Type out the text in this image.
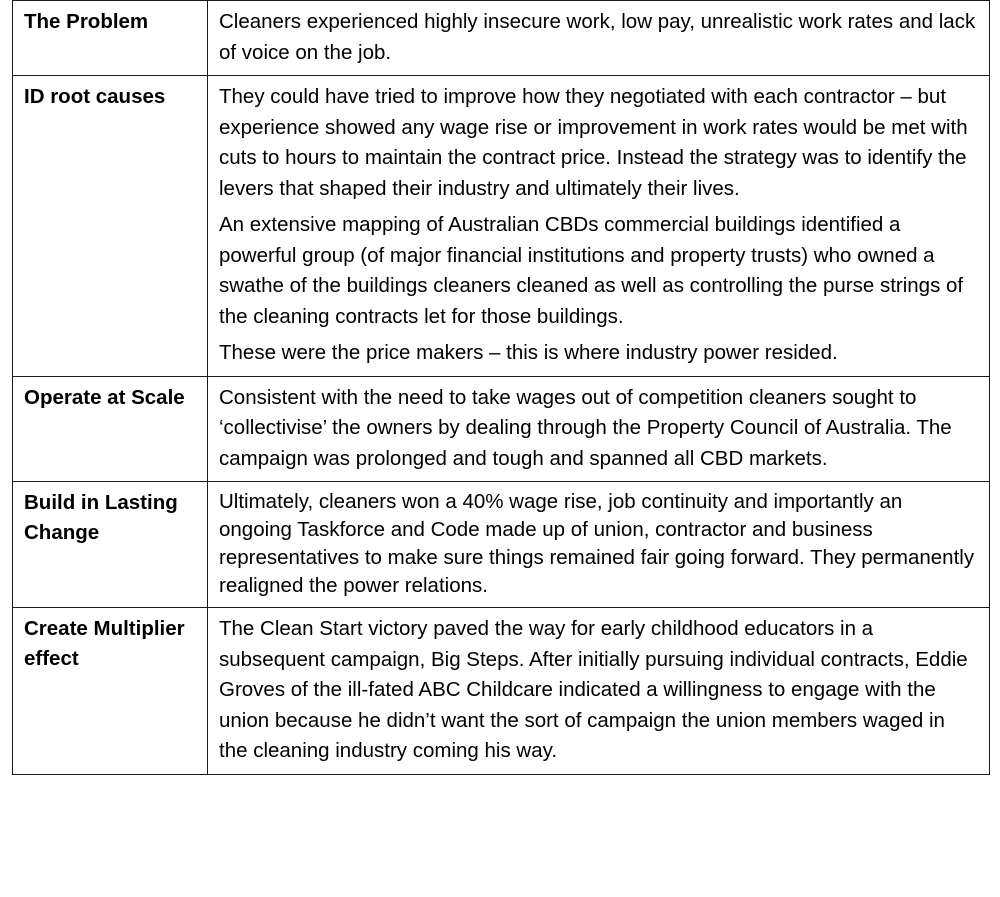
The Problem	Cleaners experienced highly insecure work, low pay, unrealistic work rates and lack of voice on the job.

ID root causes	They could have tried to improve how they negotiated with each contractor – but experience showed any wage rise or improvement in work rates would be met with cuts to hours to maintain the contract price. Instead the strategy was to identify the levers that shaped their industry and ultimately their lives.

An extensive mapping of Australian CBDs commercial buildings identified a powerful group (of major financial institutions and property trusts) who owned a swathe of the buildings cleaners cleaned as well as controlling the purse strings of the cleaning contracts let for those buildings.

These were the price makers – this is where industry power resided.

Operate at Scale	Consistent with the need to take wages out of competition cleaners sought to ‘collectivise’ the owners by dealing through the Property Council of Australia. The campaign was prolonged and tough and spanned all CBD markets.

Build in Lasting Change	Ultimately, cleaners won a 40% wage rise, job continuity and importantly an ongoing Taskforce and Code made up of union, contractor and business representatives to make sure things remained fair going forward. They permanently realigned the power relations.

Create Multiplier effect	The Clean Start victory paved the way for early childhood educators in a subsequent campaign, Big Steps. After initially pursuing individual contracts, Eddie Groves of the ill-fated ABC Childcare indicated a willingness to engage with the union because he didn’t want the sort of campaign the union members waged in the cleaning industry coming his way.
